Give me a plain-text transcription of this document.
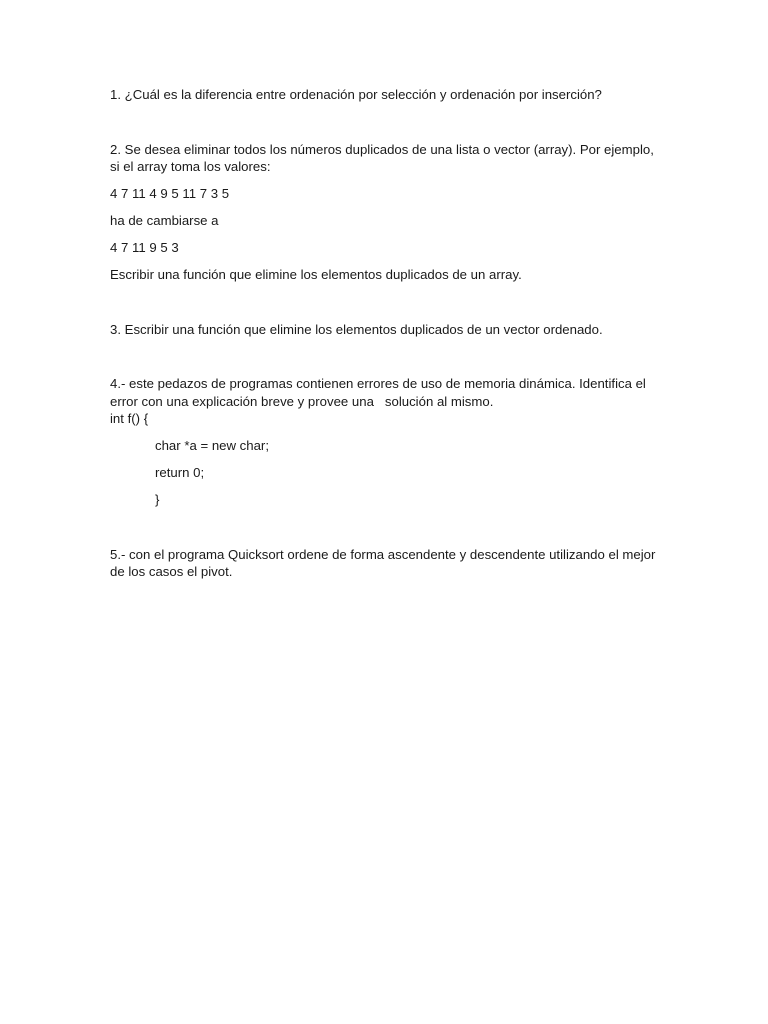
1. ¿Cuál es la diferencia entre ordenación por selección y ordenación por inserción?

2. Se desea eliminar todos los números duplicados de una lista o vector (array). Por ejemplo, si el array toma los valores:

4 7 11 4 9 5 11 7 3 5

ha de cambiarse a

4 7 11 9 5 3

Escribir una función que elimine los elementos duplicados de un array.

3. Escribir una función que elimine los elementos duplicados de un vector ordenado.

4.- este pedazos de programas contienen errores de uso de memoria dinámica. Identifica el error con una explicación breve y provee una   solución al mismo.

int f() {

char *a = new char;

return 0;

}

5.- con el programa Quicksort ordene de forma ascendente y descendente utilizando el mejor de los casos el pivot.
